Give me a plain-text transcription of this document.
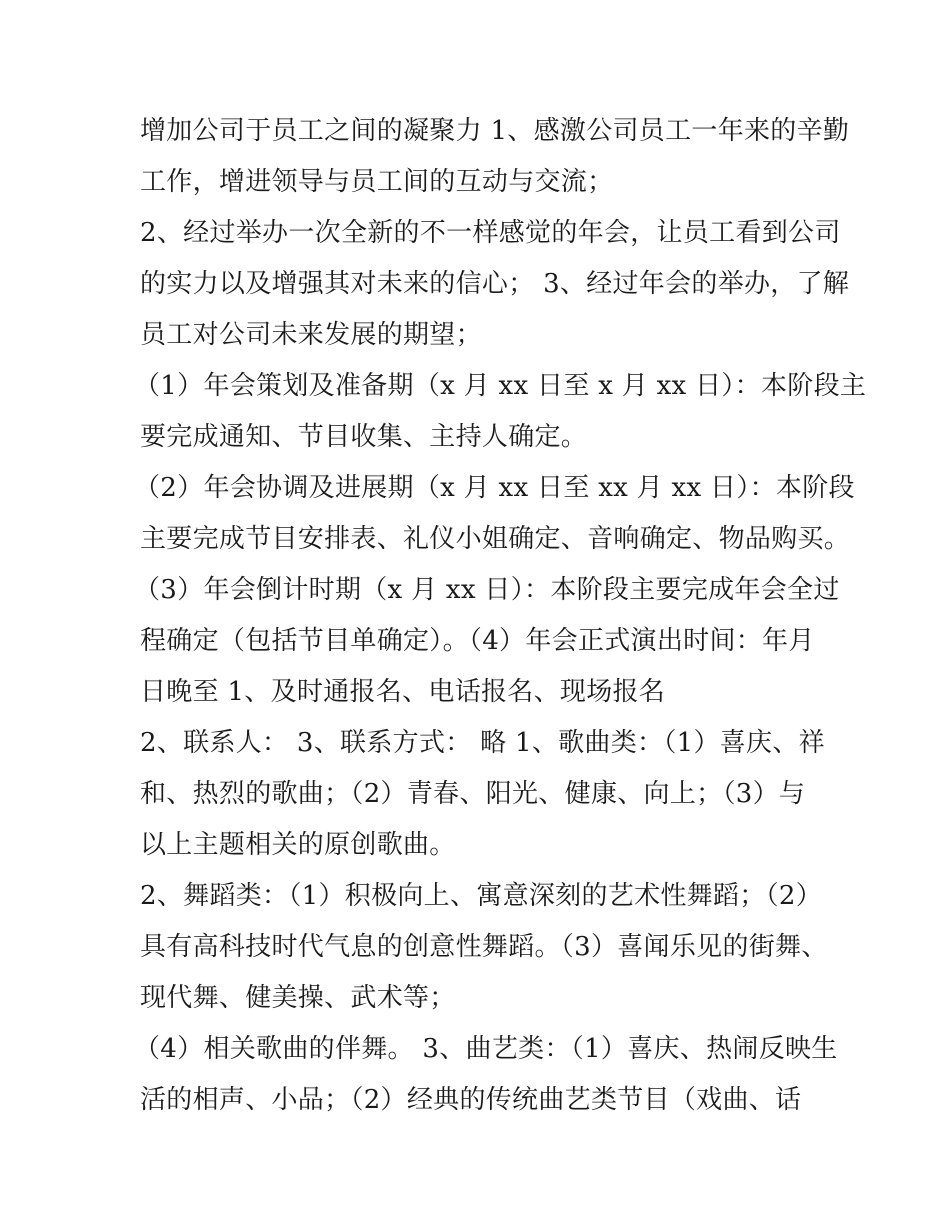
增加公司于员工之间的凝聚力 1、感激公司员工一年来的辛勤
工作，增进领导与员工间的互动与交流；
2、经过举办一次全新的不一样感觉的年会，让员工看到公司
的实力以及增强其对未来的信心； 3、经过年会的举办，了解
员工对公司未来发展的期望；
（1）年会策划及准备期（x 月 xx 日至 x 月 xx 日）：本阶段主
要完成通知、节目收集、主持人确定。
（2）年会协调及进展期（x 月 xx 日至 xx 月 xx 日）：本阶段
主要完成节目安排表、礼仪小姐确定、音响确定、物品购买。
（3）年会倒计时期（x 月 xx 日）：本阶段主要完成年会全过
程确定（包括节目单确定）。（4）年会正式演出时间：年月
日晚至 1、及时通报名、电话报名、现场报名
2、联系人： 3、联系方式： 略 1、歌曲类：（1）喜庆、祥
和、热烈的歌曲；（2）青春、阳光、健康、向上；（3）与
以上主题相关的原创歌曲。
2、舞蹈类：（1）积极向上、寓意深刻的艺术性舞蹈；（2）
具有高科技时代气息的创意性舞蹈。（3）喜闻乐见的街舞、
现代舞、健美操、武术等；
（4）相关歌曲的伴舞。 3、曲艺类：（1）喜庆、热闹反映生
活的相声、小品；（2）经典的传统曲艺类节目（戏曲、话
